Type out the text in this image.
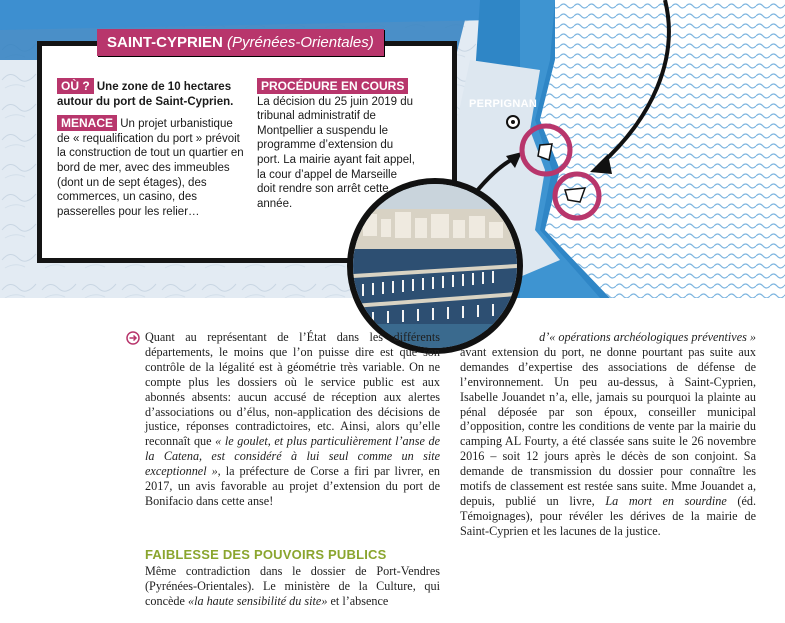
PERPIGNAN
SAINT-CYPRIEN (Pyrénées-Orientales)
OÙ ? Une zone de 10 hectares autour du port de Saint-Cyprien.
MENACE Un projet urbanistique de « requalification du port » prévoit la construction de tout un quartier en bord de mer, avec des immeubles (dont un de sept étages), des commerces, un casino, des passerelles pour les relier…
PROCÉDURE EN COURS
La décision du 25 juin 2019 du tribunal administratif de Montpellier a suspendu le programme d’extension du port. La mairie ayant fait appel, la cour d’appel de Marseille doit rendre son arrêt cette année.
Quant au représentant de l’État dans les différents départements, le moins que l’on puisse dire est que son contrôle de la légalité est à géométrie très variable. On ne compte plus les dossiers où le service public est aux abonnés absents: aucun accusé de réception aux alertes d’associations ou d’élus, non-application des décisions de justice, réponses contradictoires, etc. Ainsi, alors qu’elle reconnaît que « le goulet, et plus particulièrement l’anse de la Catena, est considéré à lui seul comme un site exceptionnel », la préfecture de Corse a firi par livrer, en 2017, un avis favorable au projet d’extension du port de Bonifacio dans cette anse!
FAIBLESSE DES POUVOIRS PUBLICS
Même contradiction dans le dossier de Port-Vendres (Pyrénées-Orientales). Le ministère de la Culture, qui concède «la haute sensibilité du site» et l’absence
d’« opérations archéologiques préventives »
avant extension du port, ne donne pourtant pas suite aux demandes d’expertise des associations de défense de l’environnement. Un peu au-dessus, à Saint-Cyprien, Isabelle Jouandet n’a, elle, jamais su pourquoi la plainte au pénal déposée par son époux, conseiller municipal d’opposition, contre les conditions de vente par la mairie du camping AL Fourty, a été classée sans suite le 26 novembre 2016 – soit 12 jours après le décès de son conjoint. Sa demande de transmission du dossier pour connaître les motifs de classement est restée sans suite. Mme Jouandet a, depuis, publié un livre, La mort en sourdine (éd. Témoignages), pour révéler les dérives de la mairie de Saint-Cyprien et les lacunes de la justice.
